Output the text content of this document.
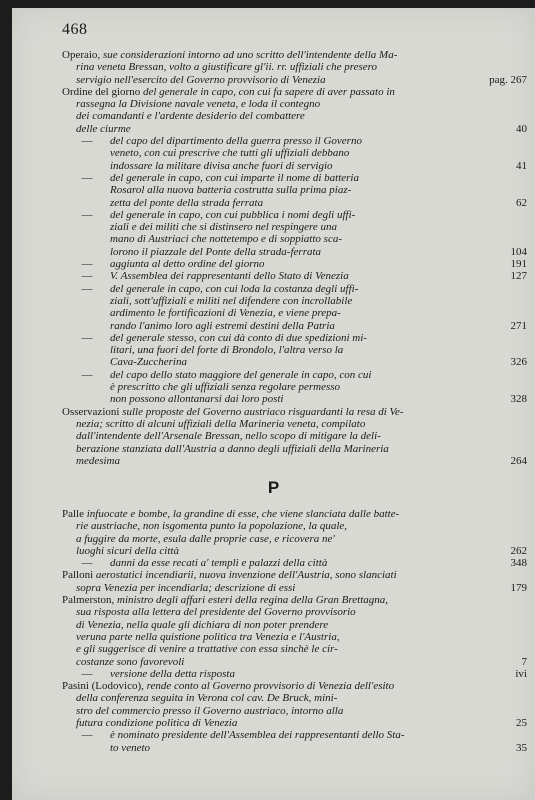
468
Operaio, sue considerazioni intorno ad uno scritto dell'intendente della Ma-
rina veneta Bressan, volto a giustificare gl'ii. rr. uffiziali che presero
servigio nell'esercito del Governo provvisorio di Venezia	pag. 267
Ordine del giorno del generale in capo, con cui fa sapere di aver passato in
rassegna la Divisione navale veneta, e loda il contegno
dei comandanti e l'ardente desiderio del combattere
delle ciurme	40
—	del capo del dipartimento della guerra presso il Governo
veneto, con cui prescrive che tutti gli uffiziali debbano
indossare la militare divisa anche fuori di servigio	41
—	del generale in capo, con cui imparte il nome di batteria
Rosarol alla nuova batteria costrutta sulla prima piaz-
zetta del ponte della strada ferrata	62
—	del generale in capo, con cui pubblica i nomi degli uffi-
ziali e dei militi che si distinsero nel respingere una
mano di Austriaci che nottetempo e di soppiatto sca-
lorono il piazzale del Ponte della strada-ferrata	104
—	aggiunta al detto ordine del giorno	191
—	V. Assemblea dei rappresentanti dello Stato di Venezia	127
—	del generale in capo, con cui loda la costanza degli uffi-
ziali, sott'uffiziali e militi nel difendere con incrollabile
ardimento le fortificazioni di Venezia, e viene prepa-
rando l'animo loro agli estremi destini della Patria	271
—	del generale stesso, con cui dà conto di due spedizioni mi-
litari, una fuori del forte di Brondolo, l'altra verso la
Cava-Zuccherina	326
—	del capo dello stato maggiore del generale in capo, con cui
è prescritto che gli uffiziali senza regolare permesso
non possono allontanarsi dai loro posti	328
Osservazioni sulle proposte del Governo austriaco risguardanti la resa di Ve-
nezia; scritto di alcuni uffiziali della Marineria veneta, compilato
dall'intendente dell'Arsenale Bressan, nello scopo di mitigare la deli-
berazione stanziata dall'Austria a danno degli uffiziali della Marineria
medesima	264
P
Palle infuocate e bombe, la grandine di esse, che viene slanciata dalle batte-
rie austriache, non isgomenta punto la popolazione, la quale,
a fuggire da morte, esula dalle proprie case, e ricovera ne'
luoghi sicuri della città	262
—	danni da esse recati a' templi e palazzi della città	348
Palloni aerostatici incendiarii, nuova invenzione dell'Austria, sono slanciati
sopra Venezia per incendiarla; descrizione di essi	179
Palmerston, ministro degli affari esteri della regina della Gran Brettagna,
sua risposta alla lettera del presidente del Governo provvisorio
di Venezia, nella quale gli dichiara di non poter prendere
veruna parte nella quistione politica tra Venezia e l'Austria,
e gli suggerisce di venire a trattative con essa sinchè le cir-
costanze sono favorevoli	7
—	versione della detta risposta	ivi
Pasini (Lodovico), rende conto al Governo provvisorio di Venezia dell'esito
della conferenza seguita in Verona col cav. De Bruck, mini-
stro del commercio presso il Governo austriaco, intorno alla
futura condizione politica di Venezia	25
—	è nominato presidente dell'Assemblea dei rappresentanti dello Sta-
to veneto	35
